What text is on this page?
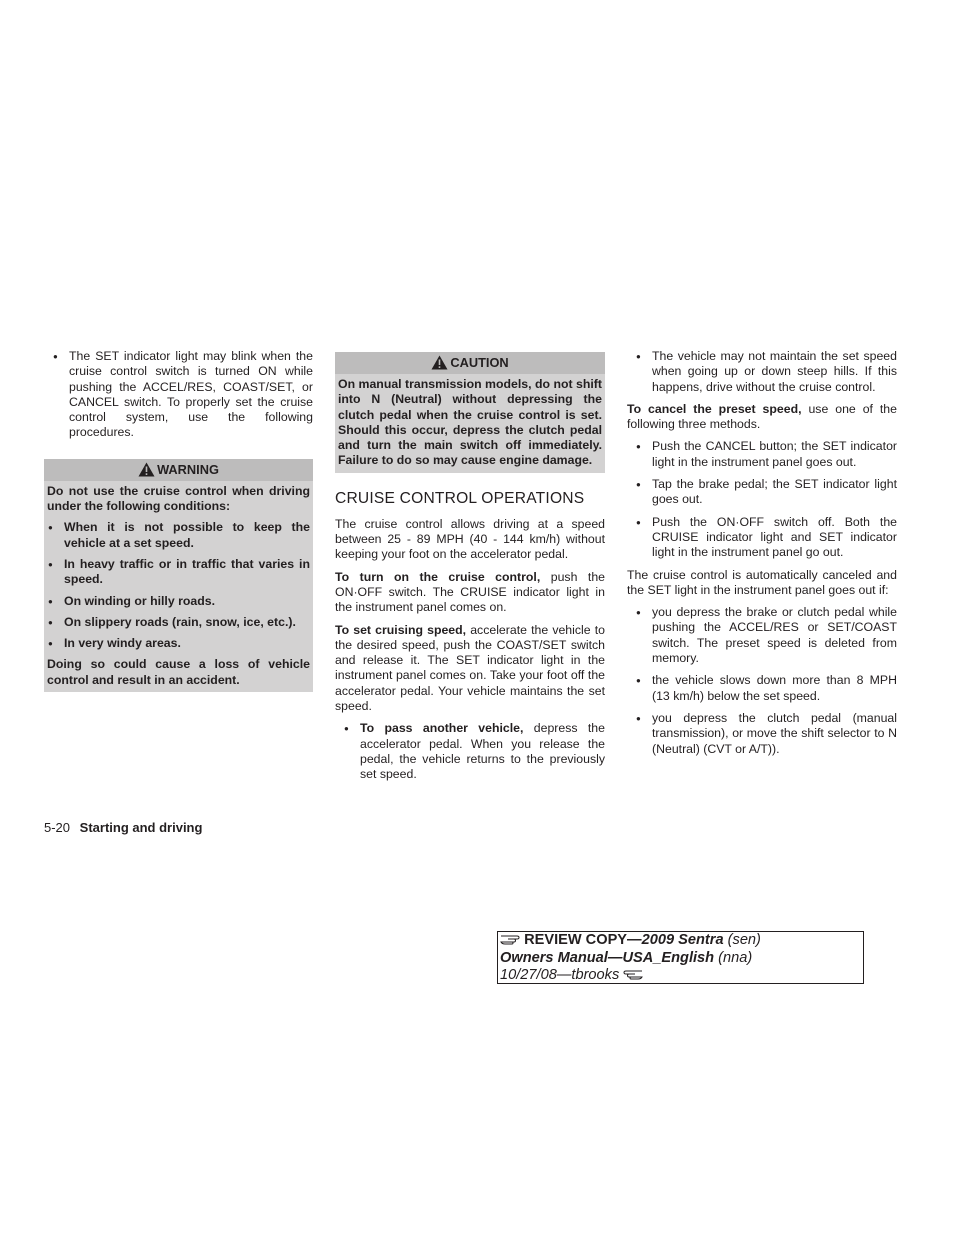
● The SET indicator light may blink when the cruise control switch is turned ON while pushing the ACCEL/RES, COAST/SET, or CANCEL switch. To properly set the cruise control system, use the following procedures.
WARNING

Do not use the cruise control when driving under the following conditions:

● When it is not possible to keep the vehicle at a set speed.
● In heavy traffic or in traffic that varies in speed.
● On winding or hilly roads.
● On slippery roads (rain, snow, ice, etc.).
● In very windy areas.

Doing so could cause a loss of vehicle control and result in an accident.

CAUTION

On manual transmission models, do not shift into N (Neutral) without depressing the clutch pedal when the cruise control is set. Should this occur, depress the clutch pedal and turn the main switch off immediately. Failure to do so may cause engine damage.

CRUISE CONTROL OPERATIONS

The cruise control allows driving at a speed between 25 - 89 MPH (40 - 144 km/h) without keeping your foot on the accelerator pedal.

To turn on the cruise control, push the ON·OFF switch. The CRUISE indicator light in the instrument panel comes on.

To set cruising speed, accelerate the vehicle to the desired speed, push the COAST/SET switch and release it. The SET indicator light in the instrument panel comes on. Take your foot off the accelerator pedal. Your vehicle maintains the set speed.

● To pass another vehicle, depress the accelerator pedal. When you release the pedal, the vehicle returns to the previously set speed.
● The vehicle may not maintain the set speed when going up or down steep hills. If this happens, drive without the cruise control.

To cancel the preset speed, use one of the following three methods.

● Push the CANCEL button; the SET indicator light in the instrument panel goes out.
● Tap the brake pedal; the SET indicator light goes out.
● Push the ON·OFF switch off. Both the CRUISE indicator light and SET indicator light in the instrument panel go out.

The cruise control is automatically canceled and the SET light in the instrument panel goes out if:

● you depress the brake or clutch pedal while pushing the ACCEL/RES or SET/COAST switch. The preset speed is deleted from memory.
● the vehicle slows down more than 8 MPH (13 km/h) below the set speed.
● you depress the clutch pedal (manual transmission), or move the shift selector to N (Neutral) (CVT or A/T)).
5-20 Starting and driving
REVIEW COPY—2009 Sentra (sen)
Owners Manual—USA_English (nna)
10/27/08—tbrooks
